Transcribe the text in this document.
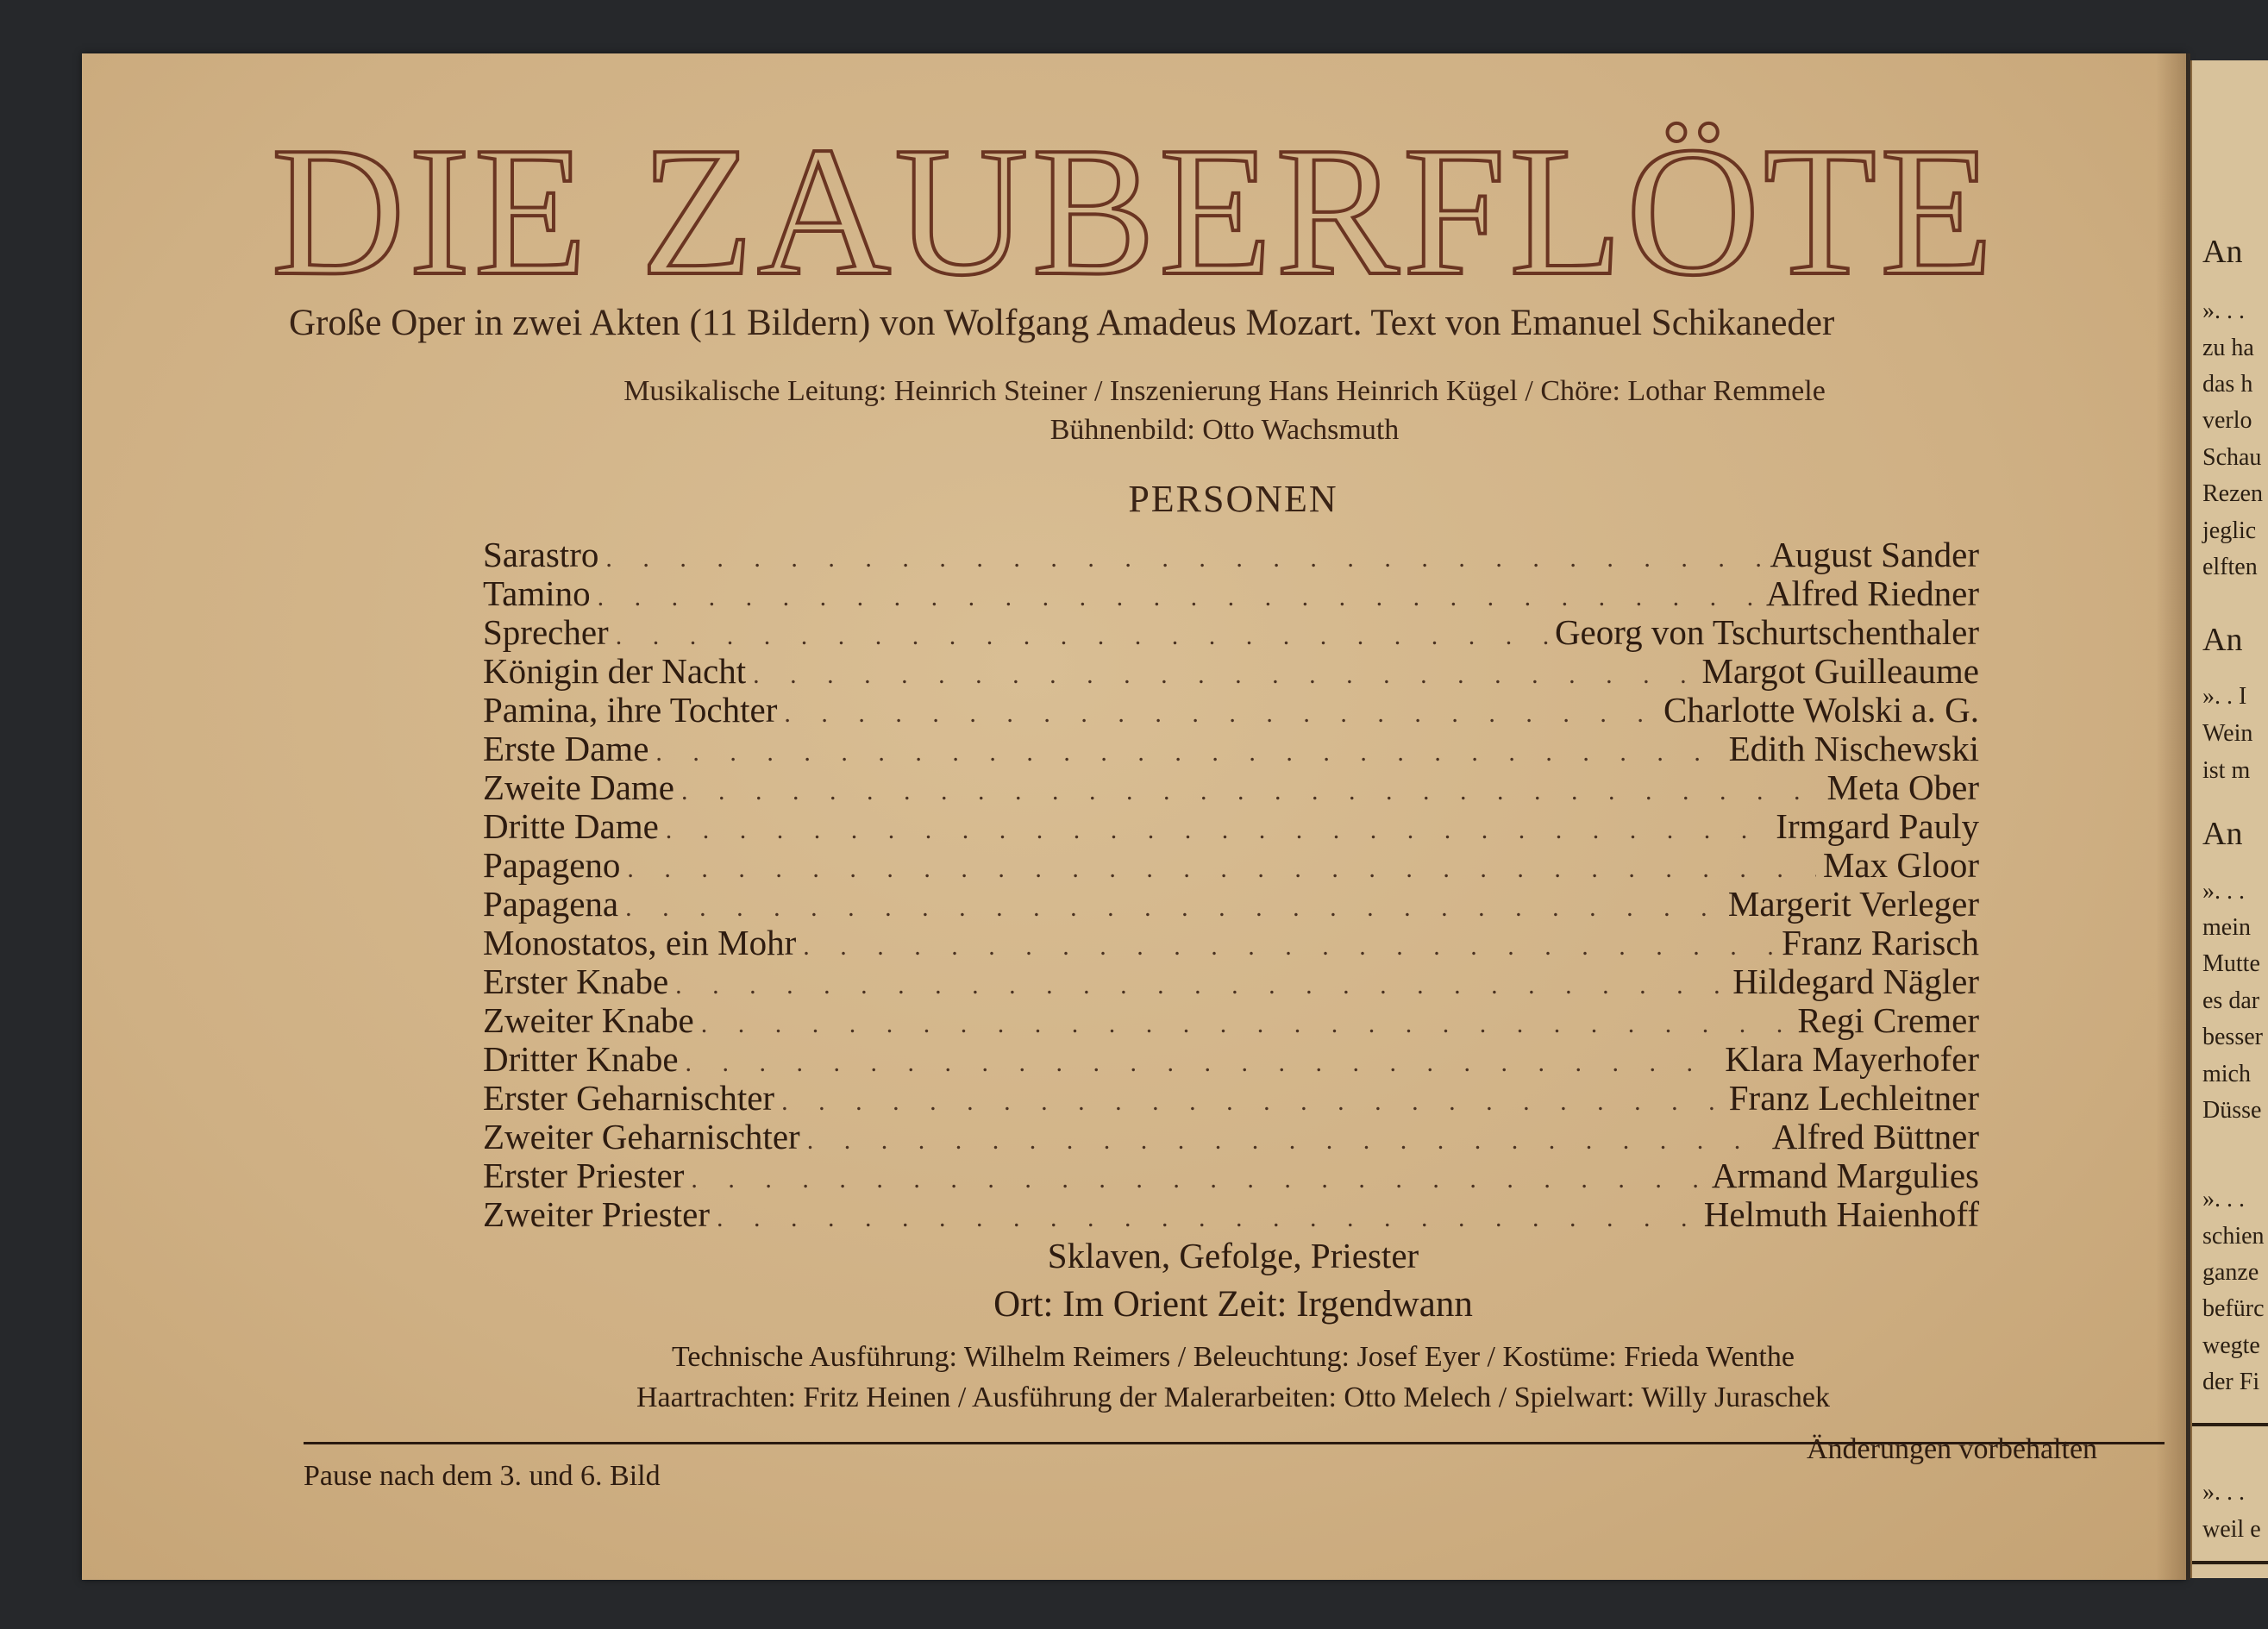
An
». . .
zu ha
das h
verlo
Schau
Rezen
jeglic
elften
An
». . I
Wein
ist m
An
». . .
mein
Mutte
es dar
besser
mich
Düsse
». . .
schien
ganze
befürc
wegte
der Fi
». . .
weil e
DIE ZAUBERFLÖTE
Große Oper in zwei Akten (11 Bildern) von Wolfgang Amadeus Mozart. Text von Emanuel Schikaneder
Musikalische Leitung: Heinrich Steiner / Inszenierung Hans Heinrich Kügel / Chöre: Lothar Remmele
Bühnenbild: Otto Wachsmuth
PERSONEN
Sarastro . . .	August Sander
Tamino . . .	Alfred Riedner
Sprecher . . .	Georg von Tschurtschenthaler
Königin der Nacht . . .	Margot Guilleaume
Pamina, ihre Tochter . . .	Charlotte Wolski a. G.
Erste Dame . . .	Edith Nischewski
Zweite Dame . . .	Meta Ober
Dritte Dame . . .	Irmgard Pauly
Papageno . . .	Max Gloor
Papagena . . .	Margerit Verleger
Monostatos, ein Mohr . . .	Franz Rarisch
Erster Knabe . . .	Hildegard Nägler
Zweiter Knabe . . .	Regi Cremer
Dritter Knabe . . .	Klara Mayerhofer
Erster Geharnischter . . .	Franz Lechleitner
Zweiter Geharnischter . . .	Alfred Büttner
Erster Priester . . .	Armand Margulies
Zweiter Priester . . .	Helmuth Haienhoff
Sklaven, Gefolge, Priester
Ort: Im Orient Zeit: Irgendwann
Technische Ausführung: Wilhelm Reimers / Beleuchtung: Josef Eyer / Kostüme: Frieda Wenthe
Haartrachten: Fritz Heinen / Ausführung der Malerarbeiten: Otto Melech / Spielwart: Willy Juraschek
Pause nach dem 3. und 6. Bild
Änderungen vorbehalten
